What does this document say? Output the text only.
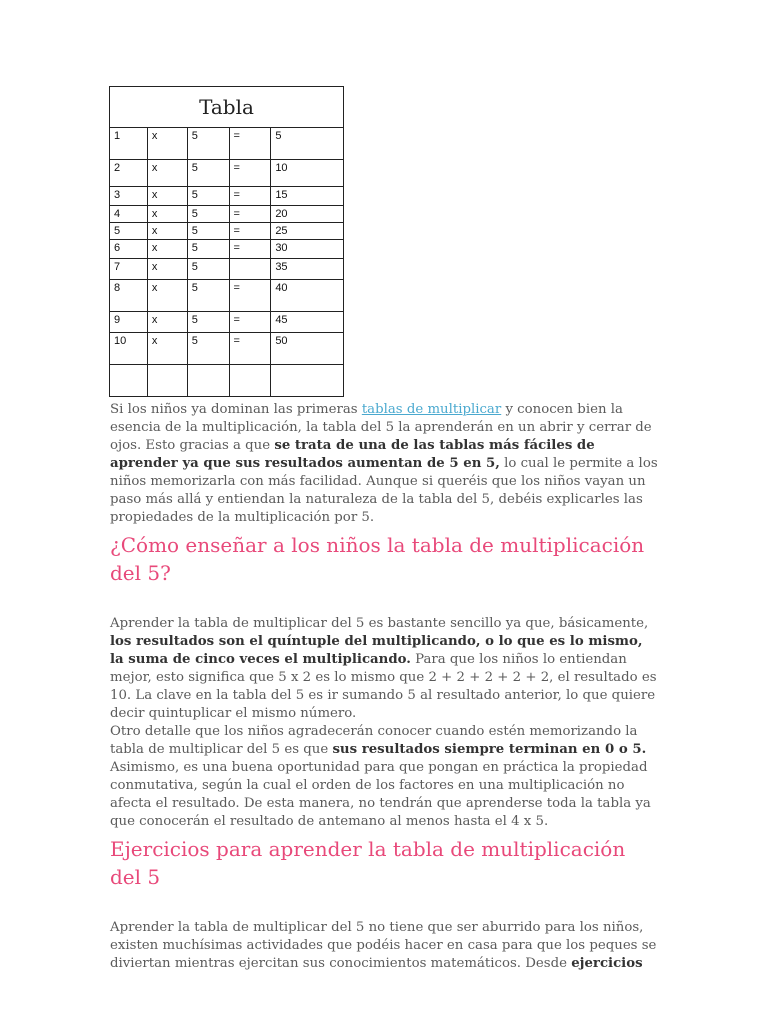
Tabla				
1	x	5	=	5
2	x	5	=	10
3	x	5	=	15
4	x	5	=	20
5	x	5	=	25
6	x	5	=	30
7	x	5		35
8	x	5	=	40
9	x	5	=	45
10	x	5	=	50

Si los niños ya dominan las primeras tablas de multiplicar y conocen bien la esencia de la multiplicación, la tabla del 5 la aprenderán en un abrir y cerrar de ojos. Esto gracias a que se trata de una de las tablas más fáciles de aprender ya que sus resultados aumentan de 5 en 5, lo cual le permite a los niños memorizarla con más facilidad. Aunque si queréis que los niños vayan un paso más allá y entiendan la naturaleza de la tabla del 5, debéis explicarles las propiedades de la multiplicación por 5.

¿Cómo enseñar a los niños la tabla de multiplicación del 5?

Aprender la tabla de multiplicar del 5 es bastante sencillo ya que, básicamente, los resultados son el quíntuple del multiplicando, o lo que es lo mismo, la suma de cinco veces el multiplicando. Para que los niños lo entiendan mejor, esto significa que 5 x 2 es lo mismo que 2 + 2 + 2 + 2 + 2, el resultado es 10. La clave en la tabla del 5 es ir sumando 5 al resultado anterior, lo que quiere decir quintuplicar el mismo número.

Otro detalle que los niños agradecerán conocer cuando estén memorizando la tabla de multiplicar del 5 es que sus resultados siempre terminan en 0 o 5. Asimismo, es una buena oportunidad para que pongan en práctica la propiedad conmutativa, según la cual el orden de los factores en una multiplicación no afecta el resultado. De esta manera, no tendrán que aprenderse toda la tabla ya que conocerán el resultado de antemano al menos hasta el 4 x 5.

Ejercicios para aprender la tabla de multiplicación del 5

Aprender la tabla de multiplicar del 5 no tiene que ser aburrido para los niños, existen muchísimas actividades que podéis hacer en casa para que los peques se diviertan mientras ejercitan sus conocimientos matemáticos. Desde ejercicios
